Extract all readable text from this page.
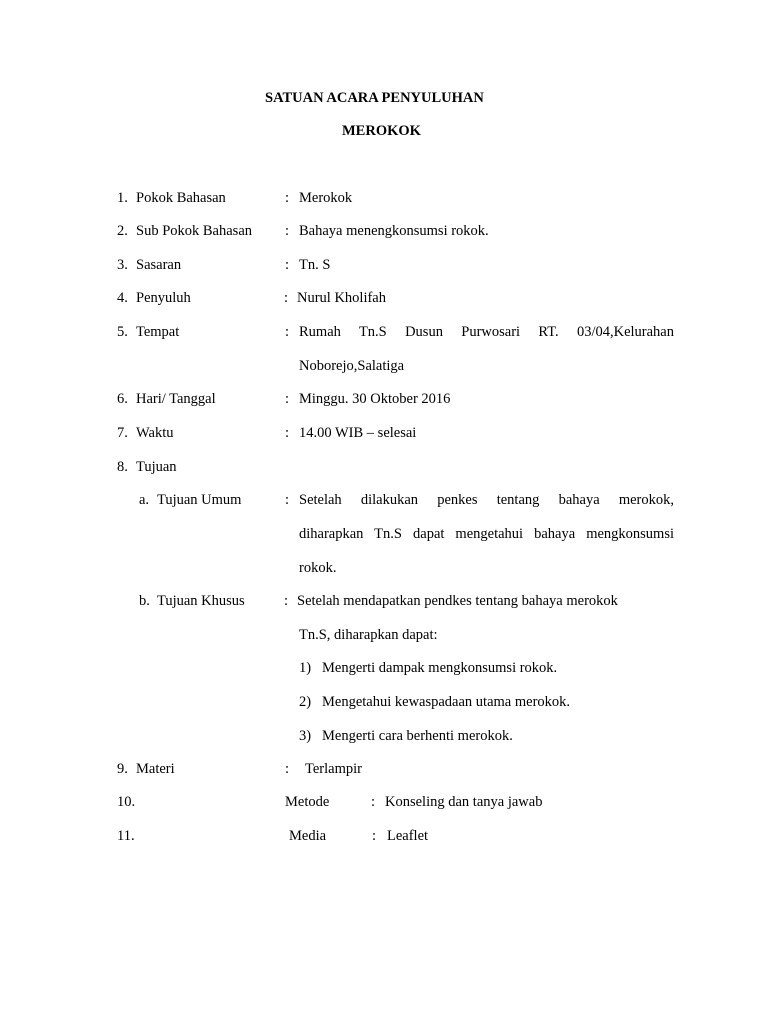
SATUAN ACARA PENYULUHAN
MEROKOK
1. Pokok Bahasan	: Merokok
2. Sub Pokok Bahasan : Bahaya menengkonsumsi rokok.
3. Sasaran	: Tn. S
4. Penyuluh	: Nurul Kholifah
5. Tempat	: Rumah Tn.S Dusun Purwosari RT. 03/04,Kelurahan
Noborejo,Salatiga
6. Hari/ Tanggal	: Minggu. 30 Oktober 2016
7. Waktu	: 14.00 WIB – selesai
8. Tujuan
a. Tujuan Umum	: Setelah dilakukan penkes tentang bahaya merokok,
diharapkan Tn.S dapat mengetahui bahaya mengkonsumsi
rokok.
b. Tujuan Khusus	: Setelah mendapatkan pendkes tentang bahaya merokok
Tn.S, diharapkan dapat:
1) Mengerti dampak mengkonsumsi rokok.
2) Mengetahui kewaspadaan utama merokok.
3) Mengerti cara berhenti merokok.
9. Materi	: Terlampir
10.	Metode	: Konseling dan tanya jawab
11.	Media	: Leaflet
